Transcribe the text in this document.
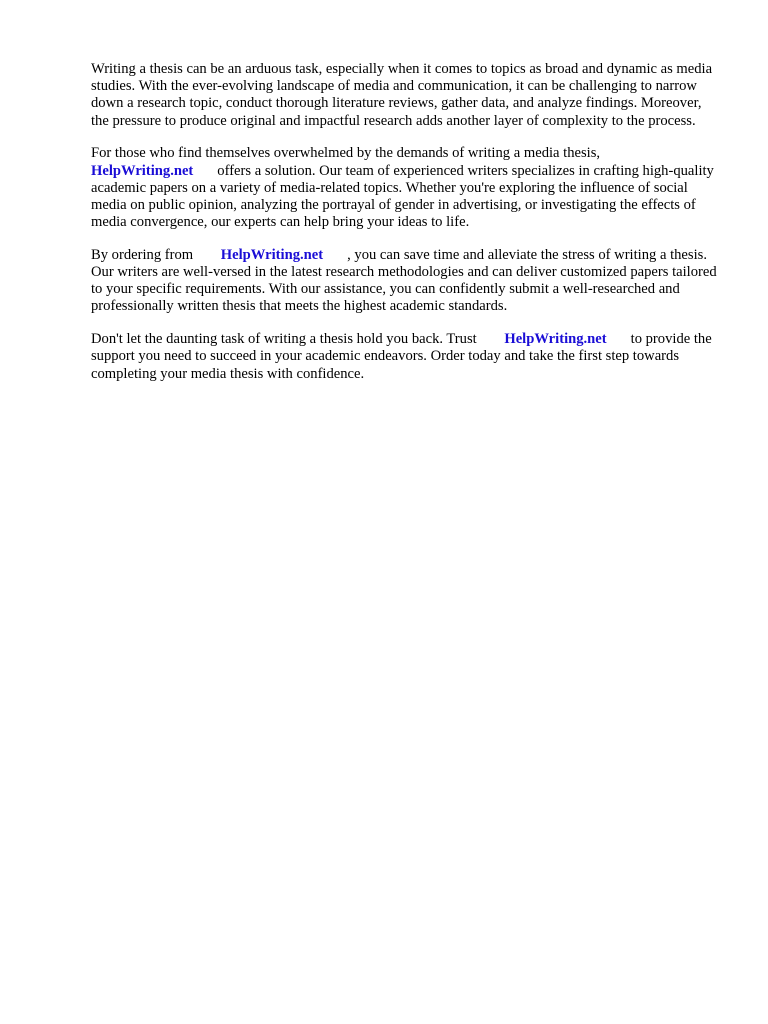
Writing a thesis can be an arduous task, especially when it comes to topics as broad and dynamic as media studies. With the ever-evolving landscape of media and communication, it can be challenging to narrow down a research topic, conduct thorough literature reviews, gather data, and analyze findings. Moreover, the pressure to produce original and impactful research adds another layer of complexity to the process.

For those who find themselves overwhelmed by the demands of writing a media thesis, HelpWriting.net offers a solution. Our team of experienced writers specializes in crafting high-quality academic papers on a variety of media-related topics. Whether you're exploring the influence of social media on public opinion, analyzing the portrayal of gender in advertising, or investigating the effects of media convergence, our experts can help bring your ideas to life.

By ordering from HelpWriting.net , you can save time and alleviate the stress of writing a thesis. Our writers are well-versed in the latest research methodologies and can deliver customized papers tailored to your specific requirements. With our assistance, you can confidently submit a well-researched and professionally written thesis that meets the highest academic standards.

Don't let the daunting task of writing a thesis hold you back. Trust HelpWriting.net to provide the support you need to succeed in your academic endeavors. Order today and take the first step towards completing your media thesis with confidence.
